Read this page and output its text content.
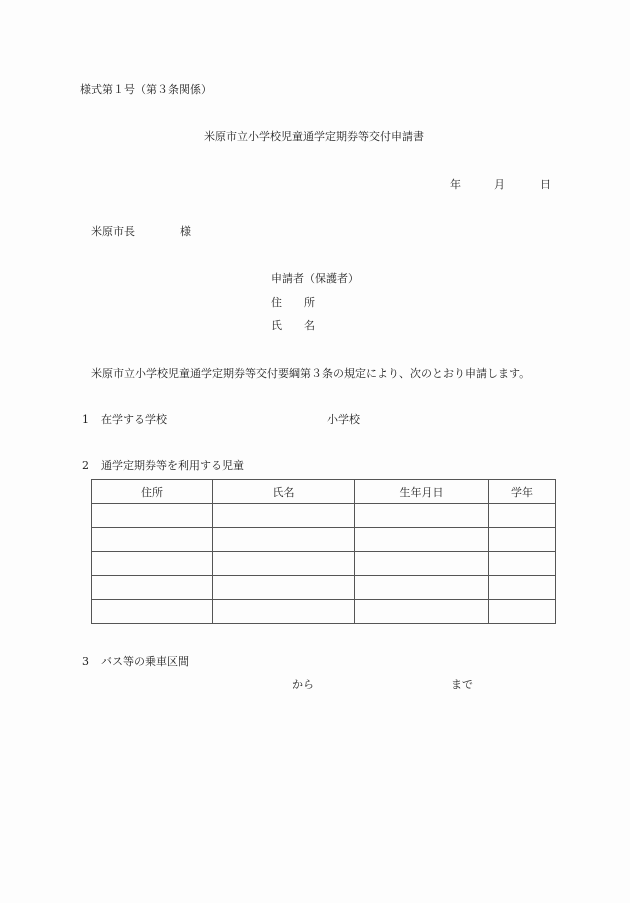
様式第１号（第３条関係）
米原市立小学校児童通学定期券等交付申請書
年	月	日
米原市長	様
申請者（保護者）
住　　所
氏　　名
米原市立小学校児童通学定期券等交付要綱第３条の規定により、次のとおり申請します。
1 在学する学校	小学校
2 通学定期券等を利用する児童
住所	氏名	生年月日	学年

3 バス等の乗車区間
から	まで
